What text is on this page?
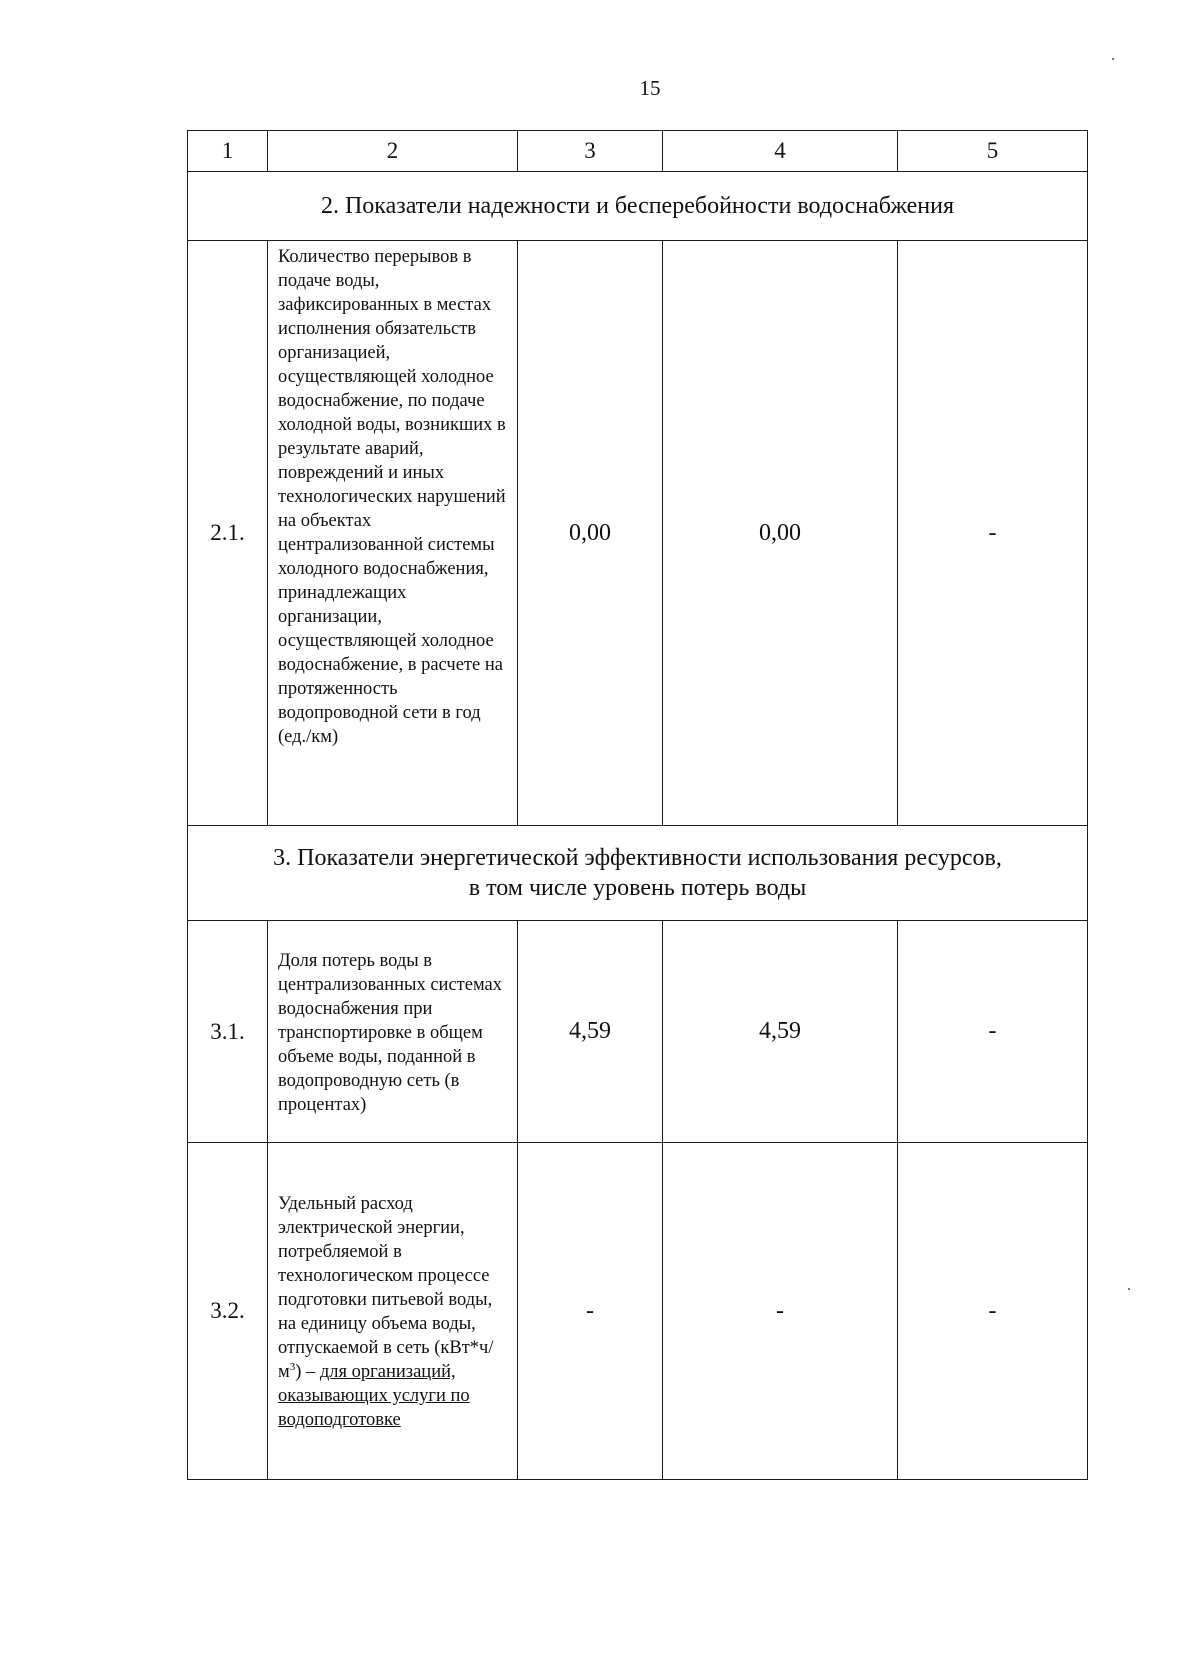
15
1	2	3	4	5
2. Показатели надежности и бесперебойности водоснабжения				
2.1.	Количество перерывов в подаче воды, зафиксированных в местах исполнения обязательств организацией, осуществляющей холодное водоснабжение, по подаче холодной воды, возникших в результате аварий, повреждений и иных технологических нарушений на объектах централизованной системы холодного водоснабжения, принадлежащих организации, осуществляющей холодное водоснабжение, в расчете на протяженность водопроводной сети в год (ед./км)	0,00	0,00	-

3. Показатели энергетической эффективности использования ресурсов,
в том числе уровень потерь воды				

3.1.	Доля потерь воды в централизованных системах водоснабжения при транспортировке в общем объеме воды, поданной в водопроводную сеть (в процентах)	4,59	4,59	-
3.2.	Удельный расход электрической энергии, потребляемой в технологическом процессе подготовки питьевой воды, на единицу объема воды, отпускаемой в сеть $(кВт*ч/м^3)$ – для организаций, оказывающих услуги по водоподготовке	-	-	-
